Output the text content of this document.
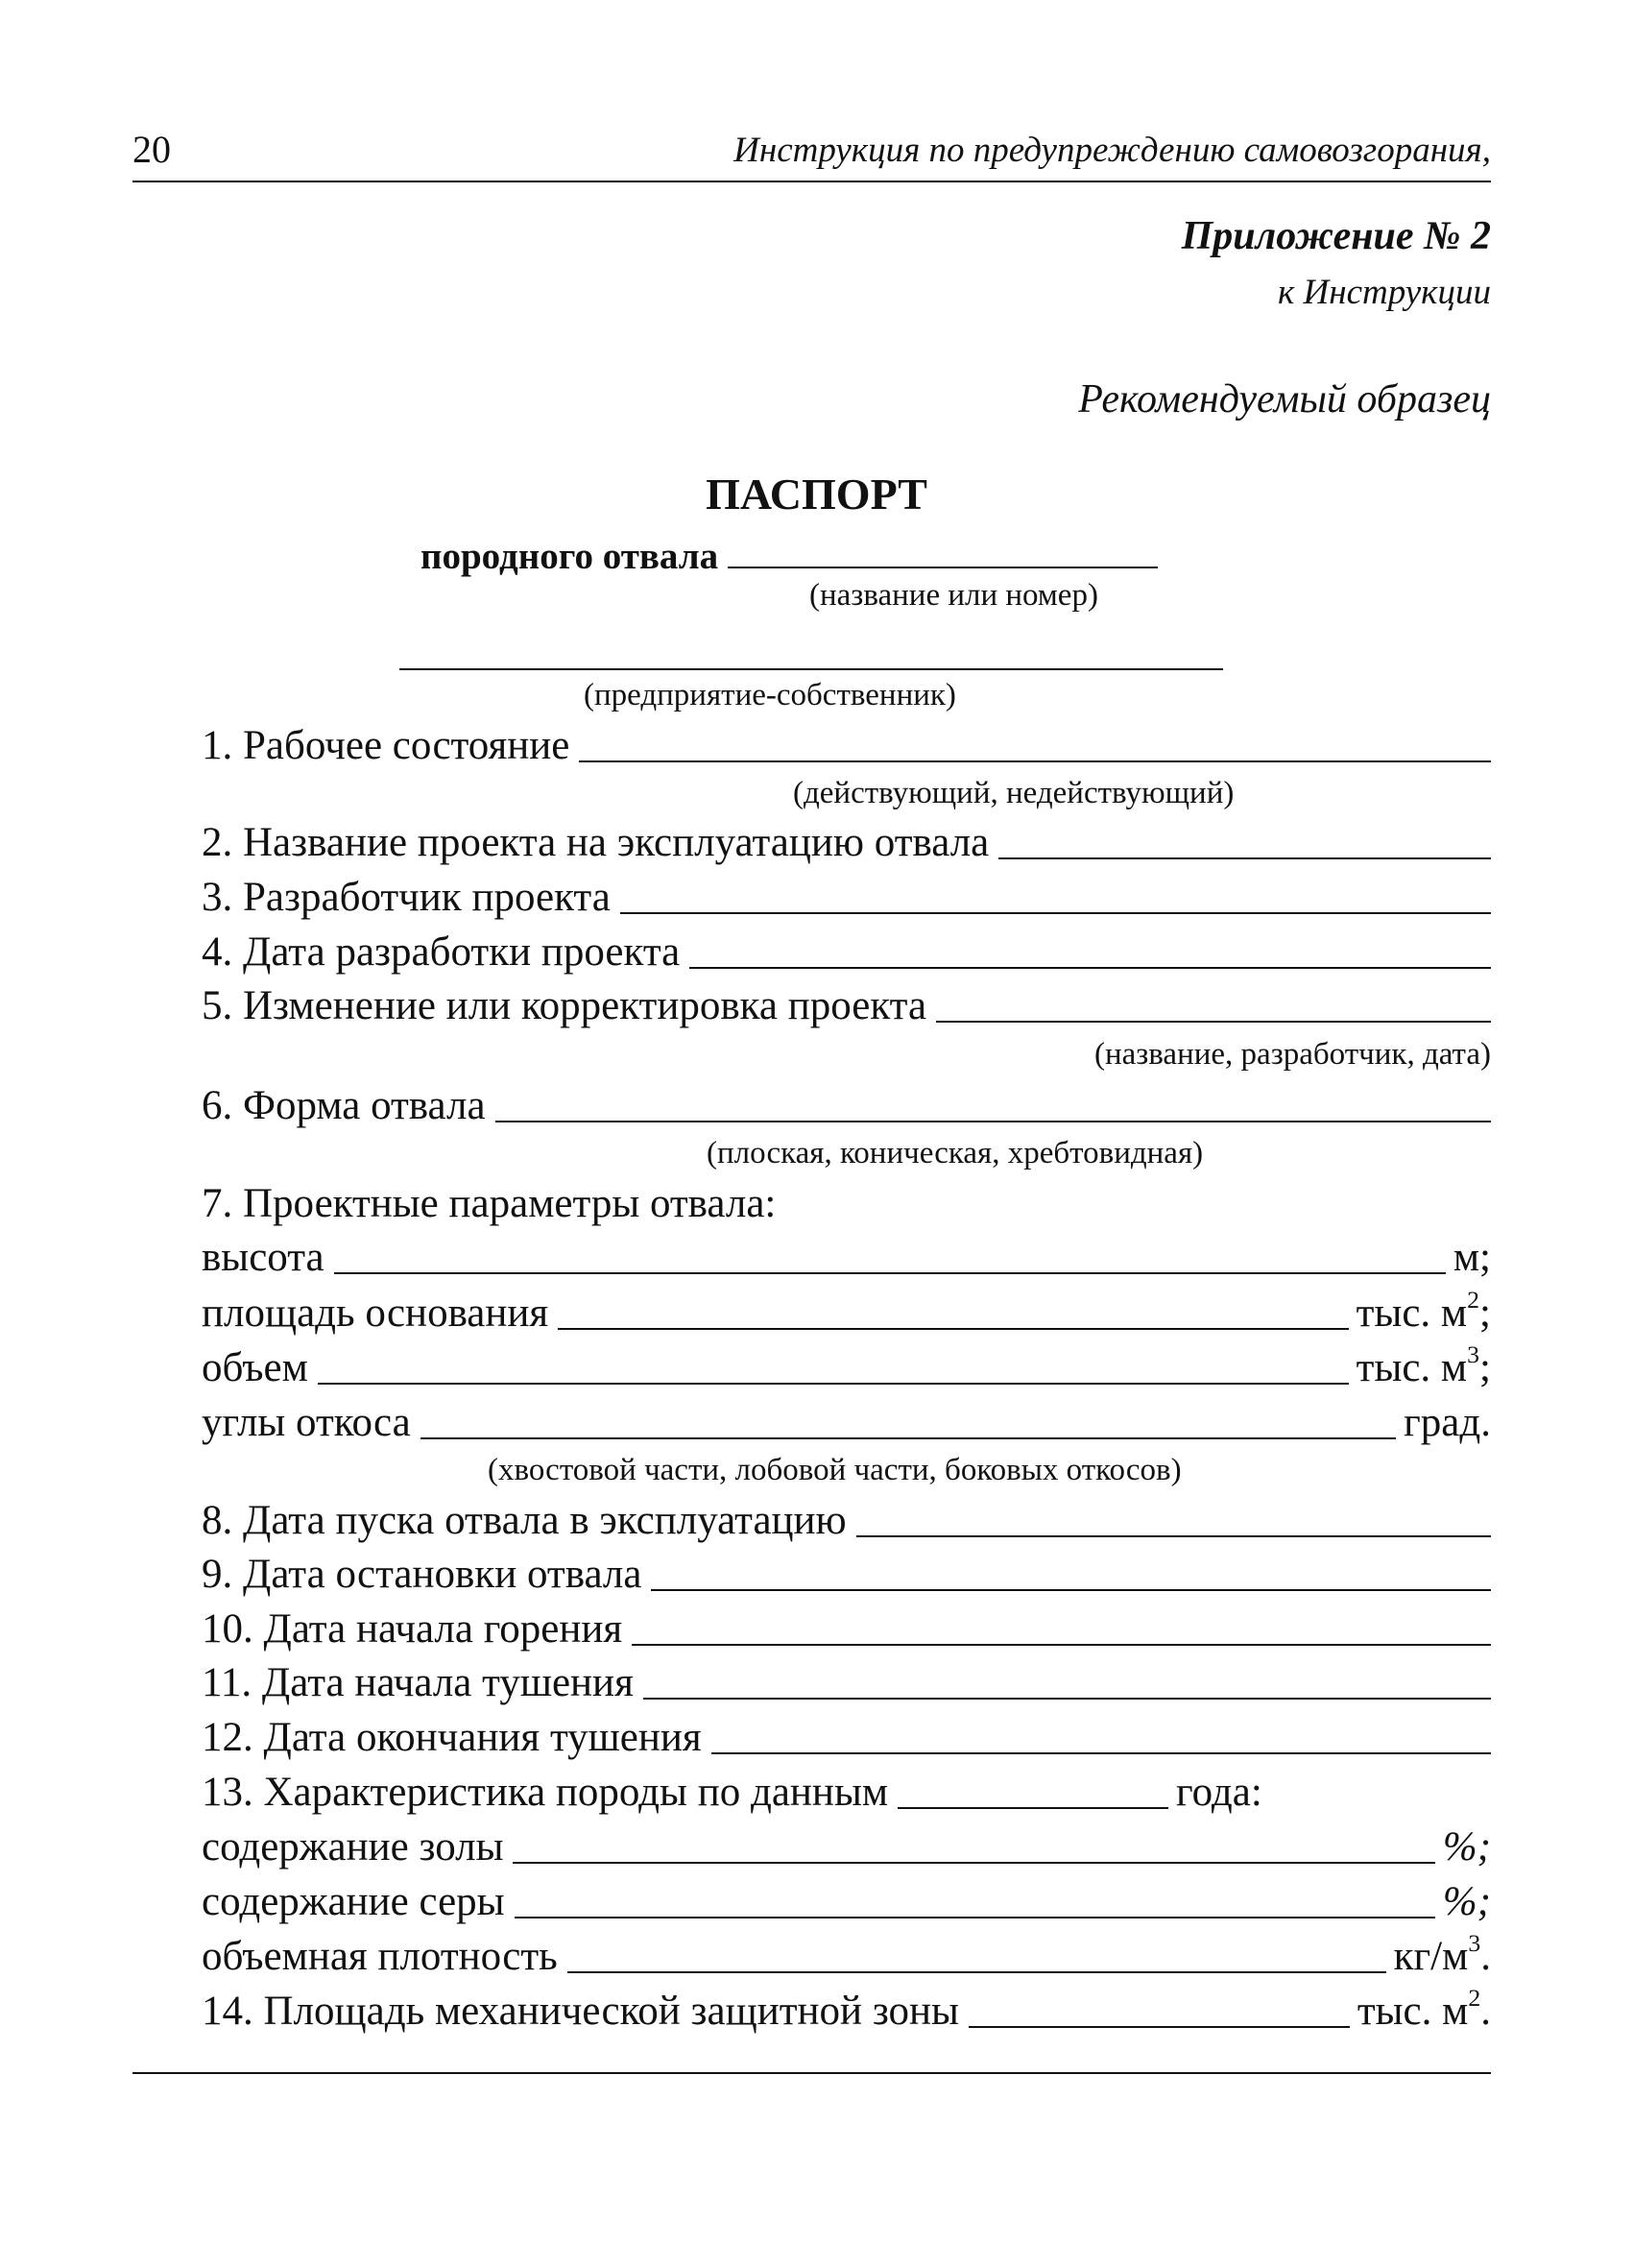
20	Инструкция по предупреждению самовозгорания,
Приложение № 2
к Инструкции
Рекомендуемый образец
ПАСПОРТ
породного отвала
(название или номер)
(предприятие-собственник)
1. Рабочее состояние
(действующий, недействующий)
2. Название проекта на эксплуатацию отвала
3. Разработчик проекта
4. Дата разработки проекта
5. Изменение или корректировка проекта
(название, разработчик, дата)
6. Форма отвала
(плоская, коническая, хребтовидная)
7. Проектные параметры отвала:
высота	м;
площадь основания	тыс. $м^2$;
объем	тыс. $м^3$;
углы откоса	град.
(хвостовой части, лобовой части, боковых откосов)
8. Дата пуска отвала в эксплуатацию
9. Дата остановки отвала
10. Дата начала горения
11. Дата начала тушения
12. Дата окончания тушения
13. Характеристика породы по данным	года:
содержание золы	%;
содержание серы	%;
объемная плотность	$кг/м^3$.
14. Площадь механической защитной зоны	тыс. $м^2$.
